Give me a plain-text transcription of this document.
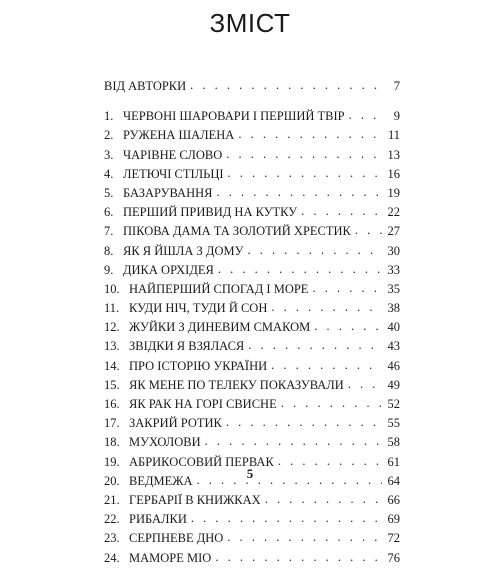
ЗМІСТ
ВІД АВТОРКИ . . .	7
1. ЧЕРВОНІ ШАРОВАРИ І ПЕРШИЙ ТВІР . . .	9
2. РУЖЕНА ШАЛЕНА . . .	11
3. ЧАРІВНЕ СЛОВО . . .	13
4. ЛЕТЮЧІ СТІЛЬЦІ . . .	16
5. БАЗАРУВАННЯ . . .	19
6. ПЕРШИЙ ПРИВИД НА КУТКУ . . .	22
7. ПІКОВА ДАМА ТА ЗОЛОТИЙ ХРЕСТИК . . .	27
8. ЯК Я ЙШЛА З ДОМУ . . .	30
9. ДИКА ОРХІДЕЯ . . .	33
10. НАЙПЕРШИЙ СПОГАД І МОРЕ . . .	35
11. КУДИ НІЧ, ТУДИ Й СОН . . .	38
12. ЖУЙКИ З ДИНЕВИМ СМАКОМ . . .	40
13. ЗВІДКИ Я ВЗЯЛАСЯ . . .	43
14. ПРО ІСТОРІЮ УКРАЇНИ . . .	46
15. ЯК МЕНЕ ПО ТЕЛЕКУ ПОКАЗУВАЛИ . . .	49
16. ЯК РАК НА ГОРІ СВИСНЕ . . .	52
17. ЗАКРИЙ РОТИК . . .	55
18. МУХОЛОВИ . . .	58
19. АБРИКОСОВИЙ ПЕРВАК . . .	61
20. ВЕДМЕЖА . . .	64
21. ГЕРБАРІЇ В КНИЖКАХ . . .	66
22. РИБАЛКИ . . .	69
23. СЕРПНЕВЕ ДНО . . .	72
24. МАМОРЕ МІО . . .	76
5
